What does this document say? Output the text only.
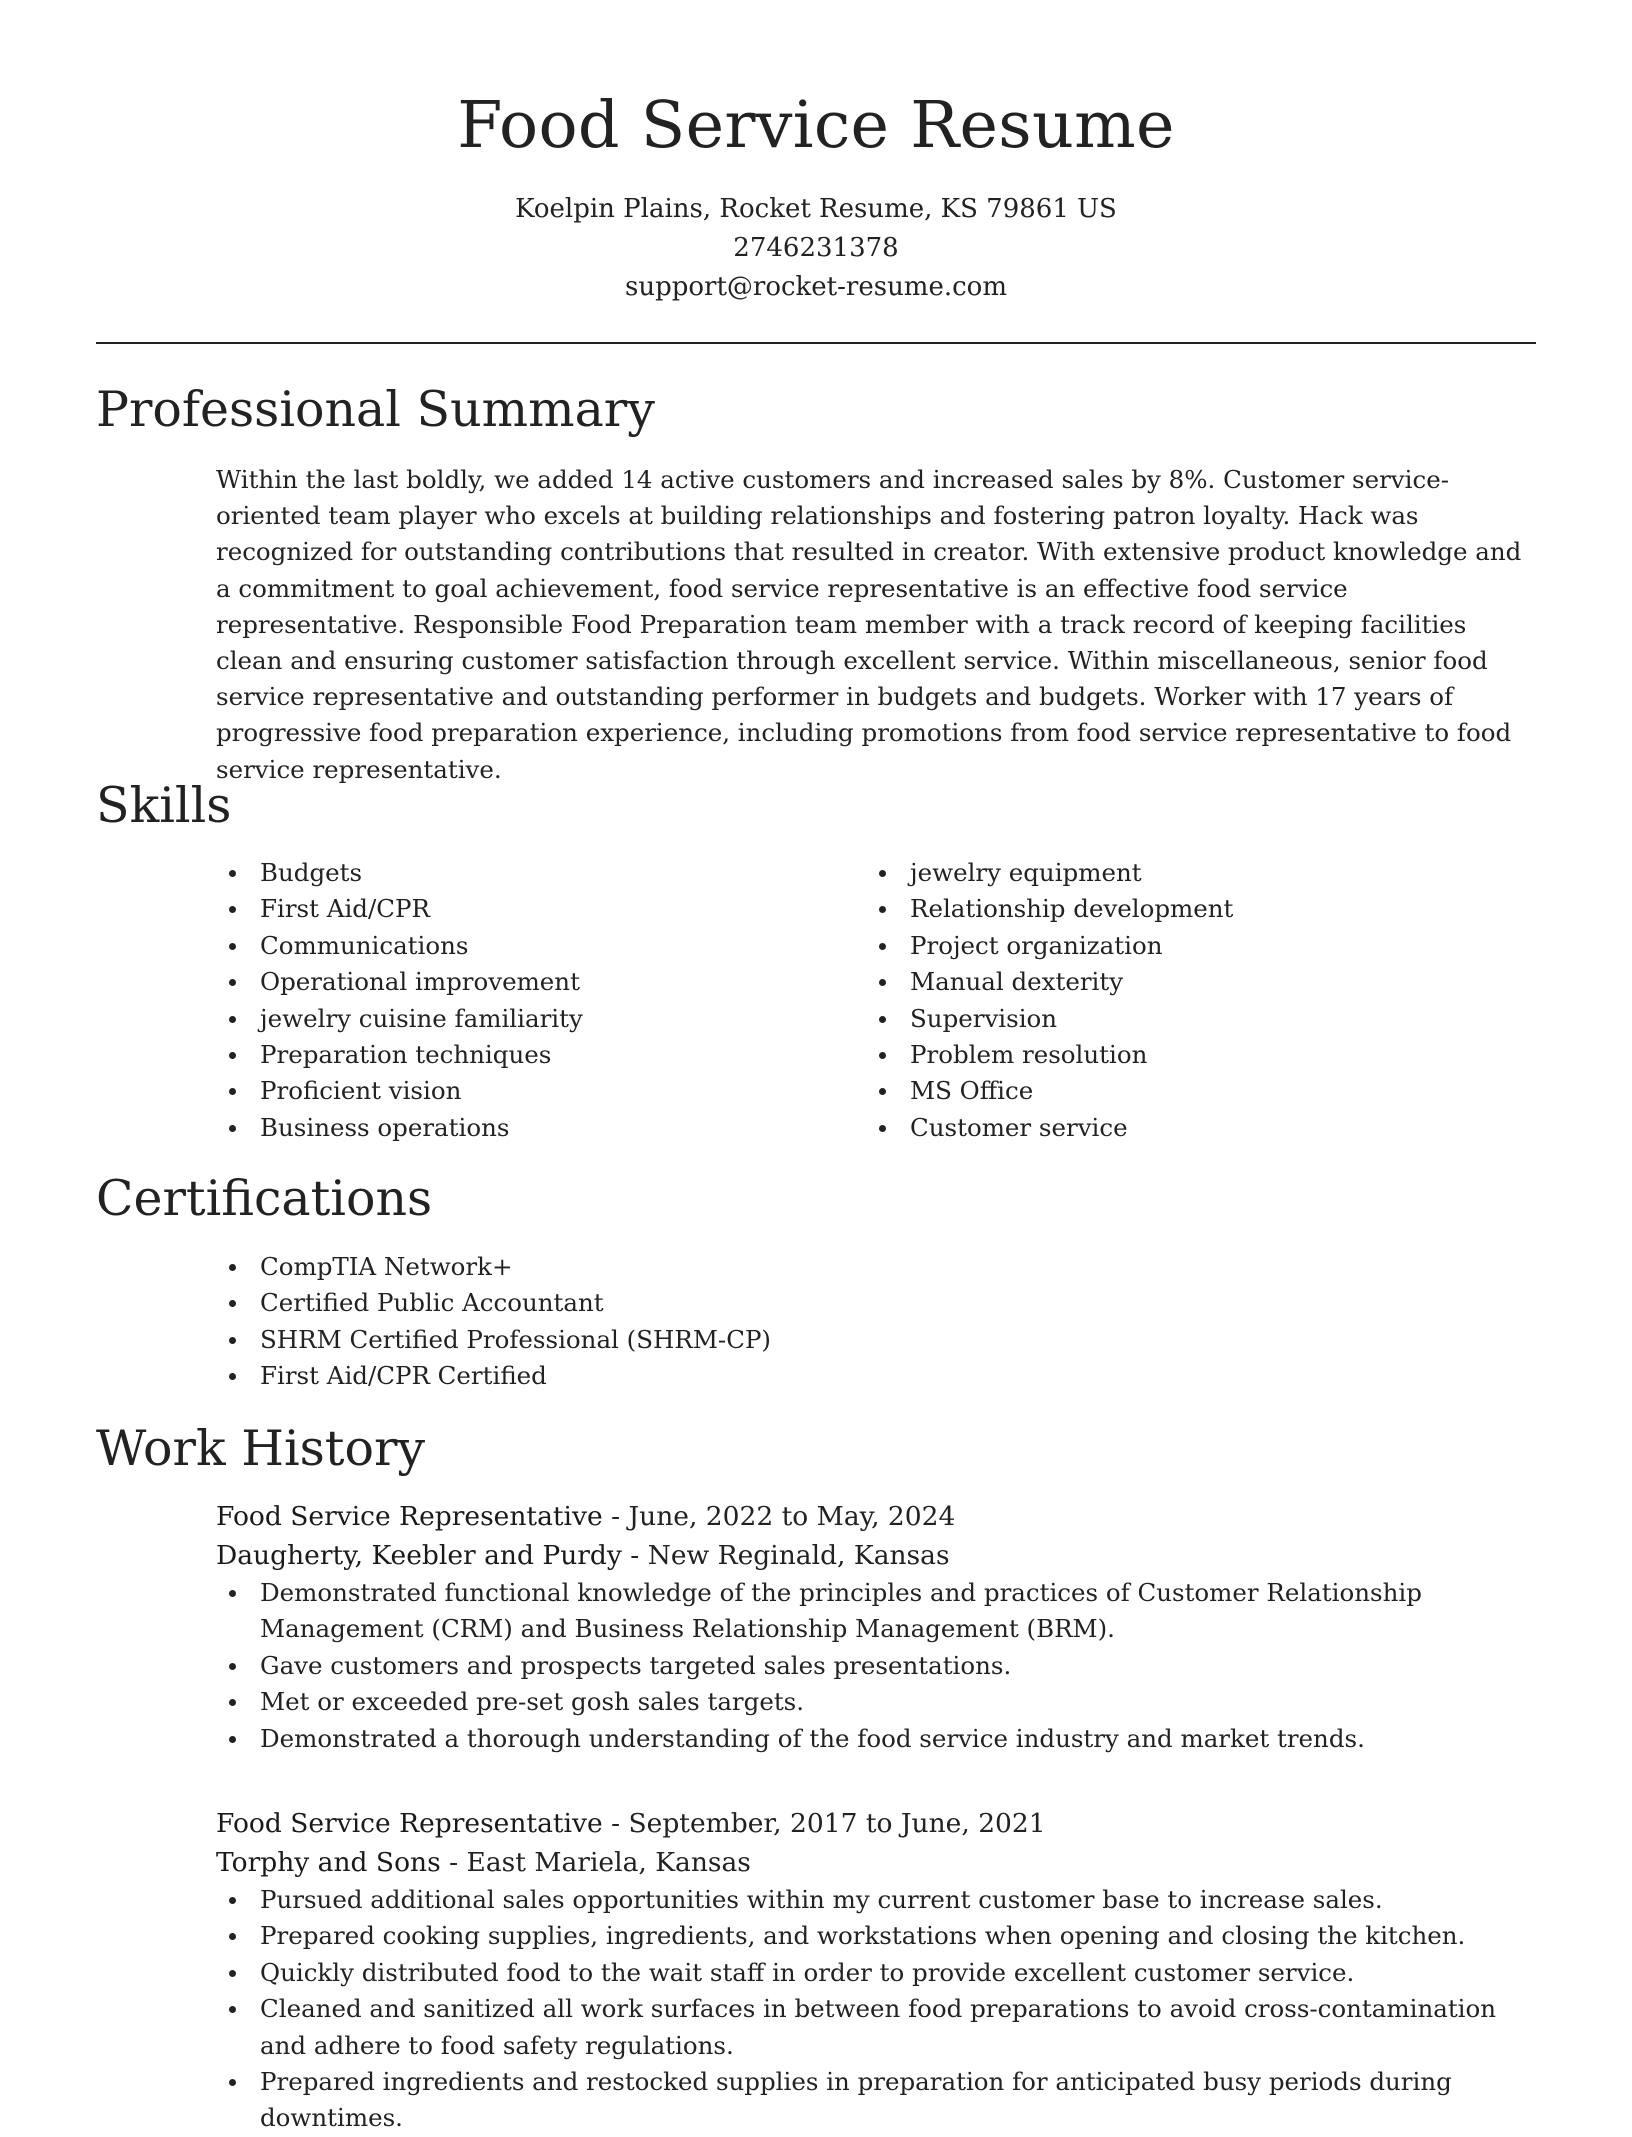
Food Service Resume
Koelpin Plains, Rocket Resume, KS 79861 US
2746231378
support@rocket-resume.com
Professional Summary

Within the last boldly, we added 14 active customers and increased sales by 8%. Customer service-oriented team player who excels at building relationships and fostering patron loyalty. Hack was recognized for outstanding contributions that resulted in creator. With extensive product knowledge and a commitment to goal achievement, food service representative is an effective food service representative. Responsible Food Preparation team member with a track record of keeping facilities clean and ensuring customer satisfaction through excellent service. Within miscellaneous, senior food service representative and outstanding performer in budgets and budgets. Worker with 17 years of progressive food preparation experience, including promotions from food service representative to food service representative.

Skills
Budgets
First Aid/CPR
Communications
Operational improvement
jewelry cuisine familiarity
Preparation techniques
Proficient vision
Business operations
jewelry equipment
Relationship development
Project organization
Manual dexterity
Supervision
Problem resolution
MS Office
Customer service
Certifications
CompTIA Network+
Certified Public Accountant
SHRM Certified Professional (SHRM-CP)
First Aid/CPR Certified
Work History
Food Service Representative - June, 2022 to May, 2024
Daugherty, Keebler and Purdy - New Reginald, Kansas
Demonstrated functional knowledge of the principles and practices of Customer Relationship Management (CRM) and Business Relationship Management (BRM).
Gave customers and prospects targeted sales presentations.
Met or exceeded pre-set gosh sales targets.
Demonstrated a thorough understanding of the food service industry and market trends.
Food Service Representative - September, 2017 to June, 2021
Torphy and Sons - East Mariela, Kansas
Pursued additional sales opportunities within my current customer base to increase sales.
Prepared cooking supplies, ingredients, and workstations when opening and closing the kitchen.
Quickly distributed food to the wait staff in order to provide excellent customer service.
Cleaned and sanitized all work surfaces in between food preparations to avoid cross-contamination and adhere to food safety regulations.
Prepared ingredients and restocked supplies in preparation for anticipated busy periods during downtimes.
